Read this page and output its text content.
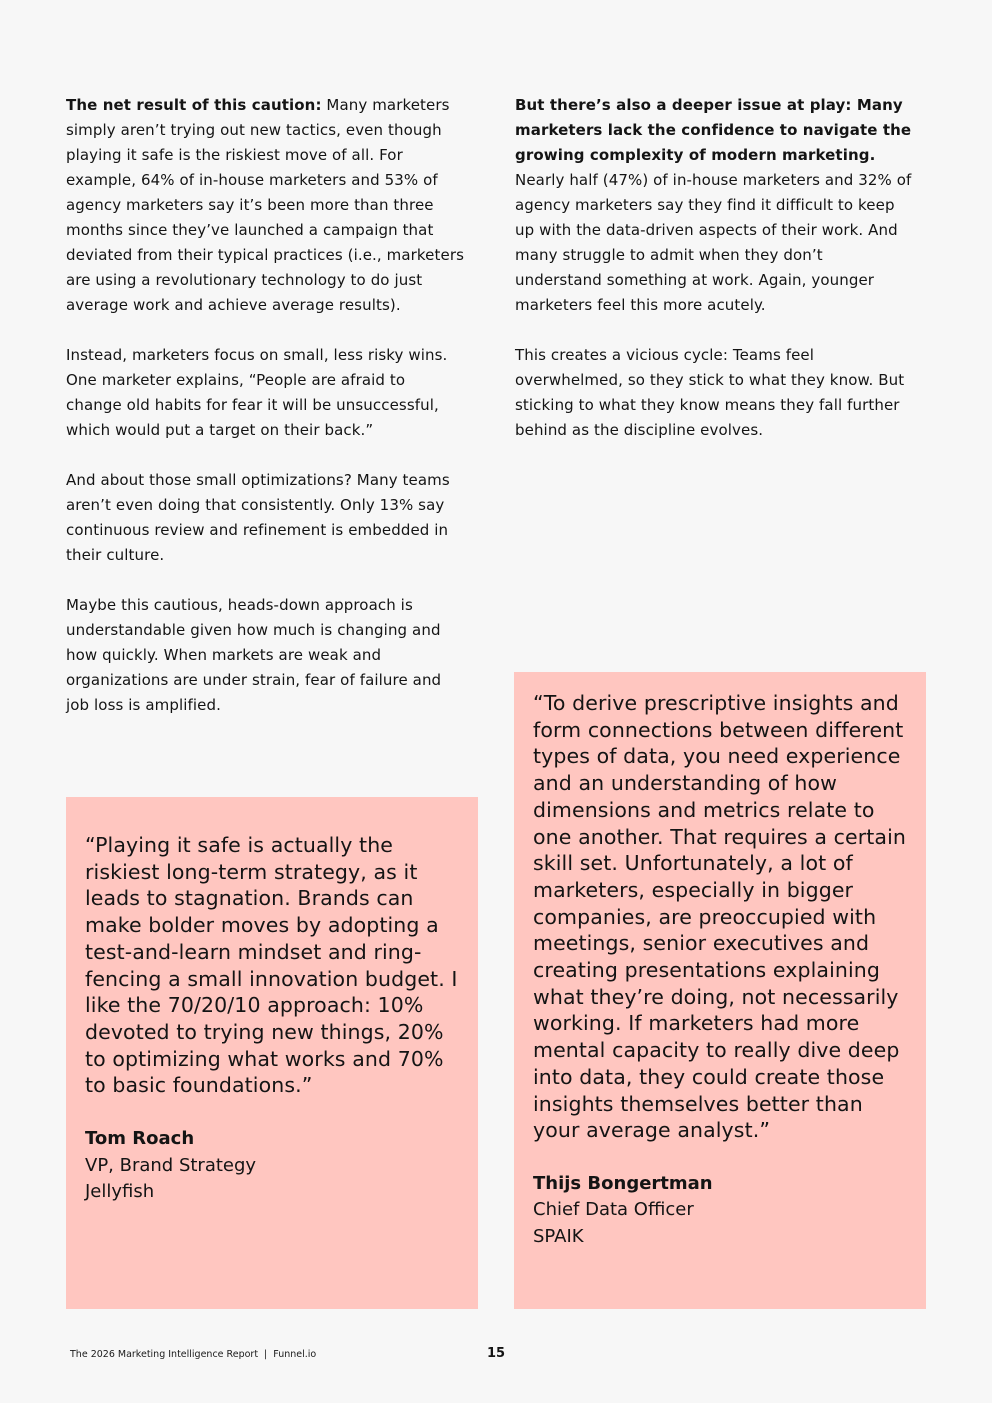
The net result of this caution: Many marketers simply aren’t trying out new tactics, even though playing it safe is the riskiest move of all. For example, 64% of in-house marketers and 53% of agency marketers say it’s been more than three months since they’ve launched a campaign that deviated from their typical practices (i.e., marketers are using a revolutionary technology to do just average work and achieve average results).

Instead, marketers focus on small, less risky wins. One marketer explains, “People are afraid to change old habits for fear it will be unsuccessful, which would put a target on their back.”

And about those small optimizations? Many teams aren’t even doing that consistently. Only 13% say continuous review and refinement is embedded in their culture.

Maybe this cautious, heads-down approach is understandable given how much is changing and how quickly. When markets are weak and organizations are under strain, fear of failure and job loss is amplified.

But there’s also a deeper issue at play: Many marketers lack the confidence to navigate the growing complexity of modern marketing. Nearly half (47%) of in-house marketers and 32% of agency marketers say they find it difficult to keep up with the data-driven aspects of their work. And many struggle to admit when they don’t understand something at work. Again, younger marketers feel this more acutely.

This creates a vicious cycle: Teams feel overwhelmed, so they stick to what they know. But sticking to what they know means they fall further behind as the discipline evolves.

“Playing it safe is actually the riskiest long-term strategy, as it leads to stagnation. Brands can make bolder moves by adopting a test-and-learn mindset and ring-fencing a small innovation budget. I like the 70/20/10 approach: 10% devoted to trying new things, 20% to optimizing what works and 70% to basic foundations.”

Tom Roach

VP, Brand Strategy

Jellyfish

“To derive prescriptive insights and form connections between different types of data, you need experience and an understanding of how dimensions and metrics relate to one another. That requires a certain skill set. Unfortunately, a lot of marketers, especially in bigger companies, are preoccupied with meetings, senior executives and creating presentations explaining what they’re doing, not necessarily working. If marketers had more mental capacity to really dive deep into data, they could create those insights themselves better than your average analyst.”

Thijs Bongertman

Chief Data Officer

SPAIK

The 2026 Marketing Intelligence Report | Funnel.io	15
